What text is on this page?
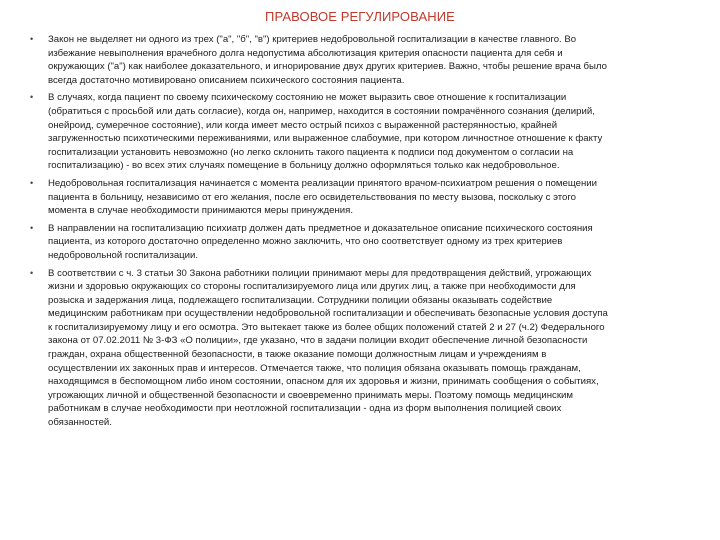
ПРАВОВОЕ РЕГУЛИРОВАНИЕ
• Закон не выделяет ни одного из трех ("а", "б", "в") критериев недобровольной госпитализации в качестве главного. Во
избежание невыполнения врачебного долга недопустима абсолютизация критерия опасности пациента для себя и
окружающих ("а") как наиболее доказательного, и игнорирование двух других критериев. Важно, чтобы решение врача было
всегда достаточно мотивировано описанием психического состояния пациента.

• В случаях, когда пациент по своему психическому состоянию не может выразить свое отношение к госпитализации
(обратиться с просьбой или дать согласие), когда он, например, находится в состоянии помрачённого сознания (делирий,
онейроид, сумеречное состояние), или когда имеет место острый психоз с выраженной растерянностью, крайней
загруженностью психотическими переживаниями, или выраженное слабоумие, при котором личностное отношение к факту
госпитализации установить невозможно (но легко склонить такого пациента к подписи под документом о согласии на
госпитализацию) - во всех этих случаях помещение в больницу должно оформляться только как недобровольное.

• Недобровольная госпитализация начинается с момента реализации принятого врачом-психиатром решения о помещении
пациента в больницу, независимо от его желания, после его освидетельствования по месту вызова, поскольку с этого
момента в случае необходимости принимаются меры принуждения.

• В направлении на госпитализацию психиатр должен дать предметное и доказательное описание психического состояния
пациента, из которого достаточно определенно можно заключить, что оно соответствует одному из трех критериев
недобровольной госпитализации.

• В соответствии с ч. 3 статьи 30 Закона работники полиции принимают меры для предотвращения действий, угрожающих
жизни и здоровью окружающих со стороны госпитализируемого лица или других лиц, а также при необходимости для
розыска и задержания лица, подлежащего госпитализации. Сотрудники полиции обязаны оказывать содействие
медицинским работникам при осуществлении недобровольной госпитализации и обеспечивать безопасные условия доступа
к госпитализируемому лицу и его осмотра. Это вытекает также из более общих положений статей 2 и 27 (ч.2) Федерального
закона от 07.02.2011 № 3-ФЗ «О полиции», где указано, что в задачи полиции входит обеспечение личной безопасности
граждан, охрана общественной безопасности, в также оказание помощи должностным лицам и учреждениям в
осуществлении их законных прав и интересов. Отмечается также, что полиция обязана оказывать помощь гражданам,
находящимся в беспомощном либо ином состоянии, опасном для их здоровья и жизни, принимать сообщения о событиях,
угрожающих личной и общественной безопасности и своевременно принимать меры. Поэтому помощь медицинским
работникам в случае необходимости при неотложной госпитализации - одна из форм выполнения полицией своих
обязанностей.
